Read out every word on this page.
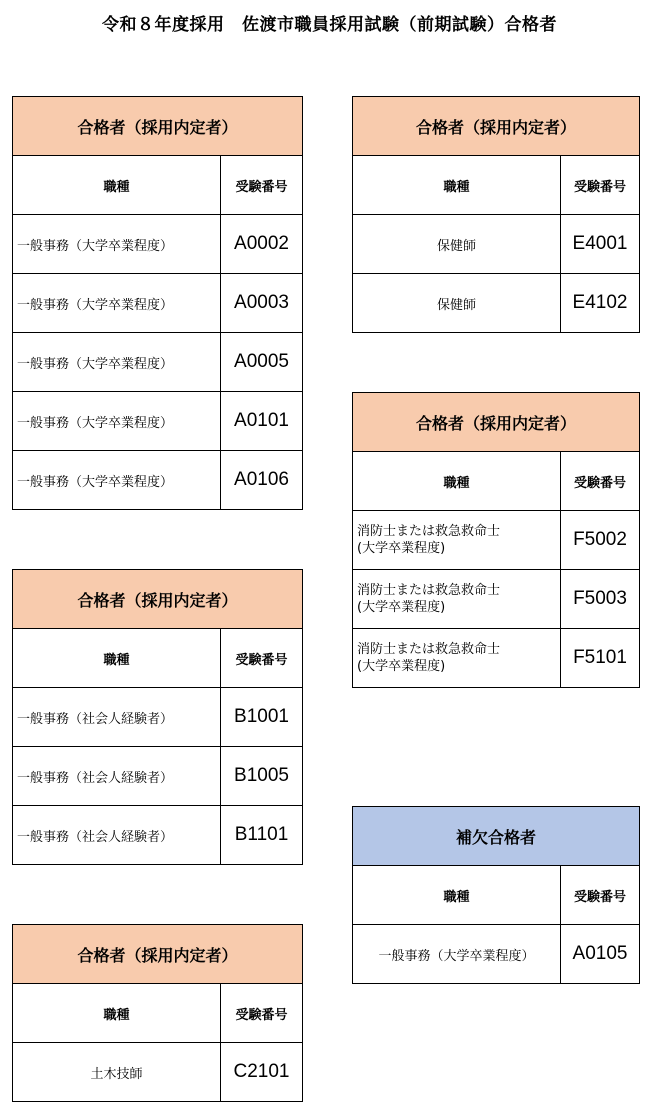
令和８年度採用　佐渡市職員採用試験（前期試験）合格者
合格者（採用内定者）	
職種	受験番号
一般事務（大学卒業程度）	A0002
一般事務（大学卒業程度）	A0003
一般事務（大学卒業程度）	A0005
一般事務（大学卒業程度）	A0101
一般事務（大学卒業程度）	A0106
合格者（採用内定者）	
職種	受験番号
一般事務（社会人経験者）	B1001
一般事務（社会人経験者）	B1005
一般事務（社会人経験者）	B1101
合格者（採用内定者）	
職種	受験番号
土木技師	C2101
合格者（採用内定者）	
職種	受験番号
保健師	E4001
保健師	E4102
合格者（採用内定者）	
職種	受験番号

消防士または救急救命士
(大学卒業程度)	F5002

消防士または救急救命士
(大学卒業程度)	F5003

消防士または救急救命士
(大学卒業程度)	F5101
補欠合格者	
職種	受験番号
一般事務（大学卒業程度）	A0105
